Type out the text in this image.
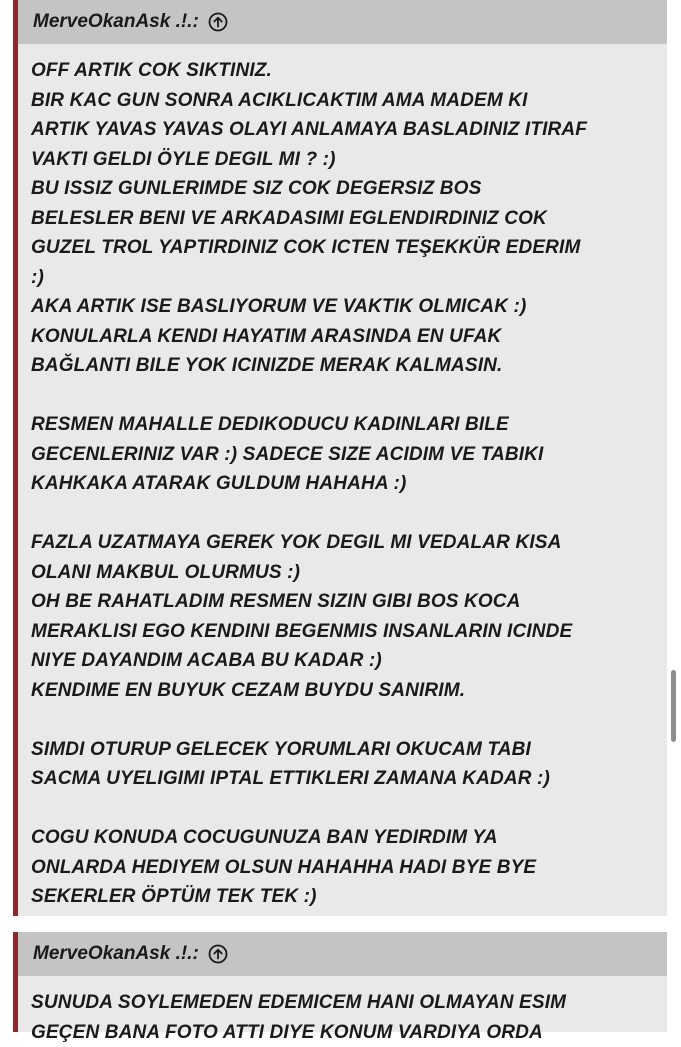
MerveOkanAsk .!.:
OFF ARTIK COK SIKTINIZ.
BIR KAC GUN SONRA ACIKLICAKTIM AMA MADEM KI
ARTIK YAVAS YAVAS OLAYI ANLAMAYA BASLADINIZ ITIRAF
VAKTI GELDI ÖYLE DEGIL MI ? :)
BU ISSIZ GUNLERIMDE SIZ COK DEGERSIZ BOS
BELESLER BENI VE ARKADASIMI EGLENDIRDINIZ COK
GUZEL TROL YAPTIRDINIZ COK ICTEN TEŞEKKÜR EDERIM
:)
AKA ARTIK ISE BASLIYORUM VE VAKTIK OLMICAK :)
KONULARLA KENDI HAYATIM ARASINDA EN UFAK
BAĞLANTI BILE YOK ICINIZDE MERAK KALMASIN.
RESMEN MAHALLE DEDIKODUCU KADINLARI BILE
GECENLERINIZ VAR :) SADECE SIZE ACIDIM VE TABIKI
KAHKAKA ATARAK GULDUM HAHAHA :)
FAZLA UZATMAYA GEREK YOK DEGIL MI VEDALAR KISA
OLANI MAKBUL OLURMUS :)
OH BE RAHATLADIM RESMEN SIZIN GIBI BOS KOCA
MERAKLISI EGO KENDINI BEGENMIS INSANLARIN ICINDE
NIYE DAYANDIM ACABA BU KADAR :)
KENDIME EN BUYUK CEZAM BUYDU SANIRIM.
SIMDI OTURUP GELECEK YORUMLARI OKUCAM TABI
SACMA UYELIGIMI IPTAL ETTIKLERI ZAMANA KADAR :)
COGU KONUDA COCUGUNUZA BAN YEDIRDIM YA
ONLARDA HEDIYEM OLSUN HAHAHHA HADI BYE BYE
SEKERLER ÖPTÜM TEK TEK :)
MerveOkanAsk .!.:
SUNUDA SOYLEMEDEN EDEMICEM HANI OLMAYAN ESIM
GEÇEN BANA FOTO ATTI DIYE KONUM VARDIYA ORDA
